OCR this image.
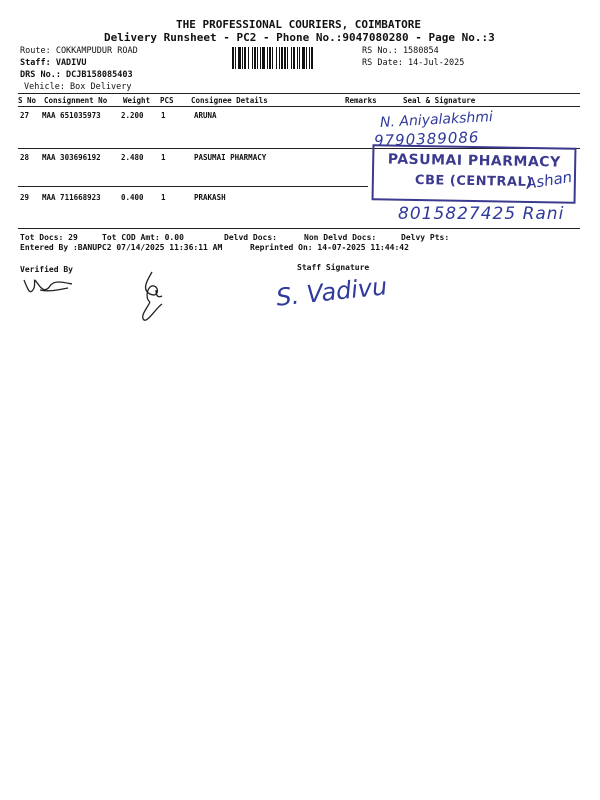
THE PROFESSIONAL COURIERS, COIMBATORE
Delivery Runsheet - PC2 - Phone No.:9047080280 - Page No.:3
Route: COKKAMPUDUR ROAD
Staff: VADIVU
DRS No.: DCJB158085403
Vehicle: Box Delivery
RS No.: 1580854
RS Date: 14-Jul-2025
S No Consignment No Weight PCS Consignee Details	Remarks	Seal & Signature
27 MAA 651035973	2.200 1	ARUNA
28 MAA 303696192	2.480 1	PASUMAI PHARMACY
29 MAA 711668923	0.400 1	PRAKASH
N. Aniyalakshmi
9790389086
PASUMAI PHARMACY
CBE (CENTRAL)
Ashan
8015827425 Rani
Tot Docs: 29	Tot COD Amt: 0.00	Delvd Docs:	Non Delvd Docs:	Delvy Pts:
Entered By :BANUPC2 07/14/2025 11:36:11 AM	Reprinted On: 14-07-2025 11:44:42
Verified By	Staff Signature
S. Vadivu
